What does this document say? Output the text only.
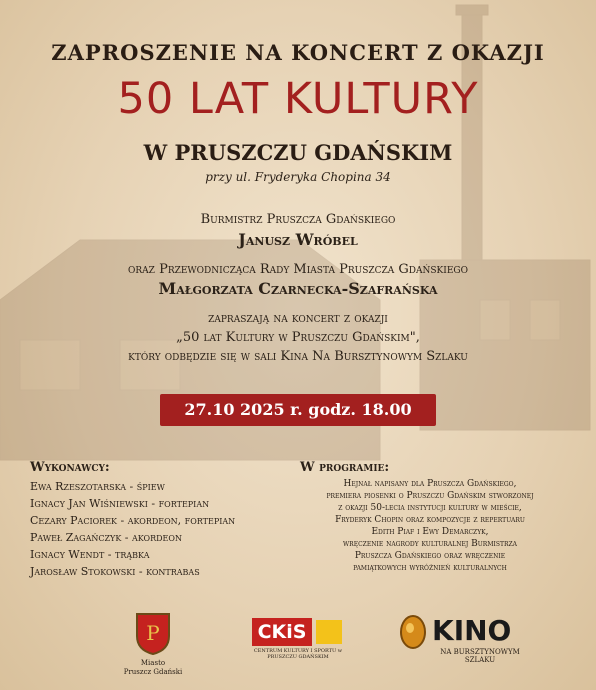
ZAPROSZENIE NA KONCERT Z OKAZJI
50 LAT KULTURY
W PRUSZCZU GDAŃSKIM
przy ul. Fryderyka Chopina 34
Burmistrz Pruszcza Gdańskiego
Janusz Wróbel
oraz Przewodnicząca Rady Miasta Pruszcza Gdańskiego
Małgorzata Czarnecka-Szafrańska
zapraszają na koncert z okazji
„50 lat Kultury w Pruszczu Gdańskim",
który odbędzie się w sali Kina Na Bursztynowym Szlaku
27.10 2025 r. godz. 18.00
Wykonawcy:
Ewa Rzeszotarska - śpiew
Ignacy Jan Wiśniewski - fortepian
Cezary Paciorek - akordeon, fortepian
Paweł Zagańczyk - akordeon
Ignacy Wendt - trąbka
Jarosław Stokowski - kontrabas
W programie:
Hejnał napisany dla Pruszcza Gdańskiego,
premiera piosenki o Pruszczu Gdańskim stworzonej
z okazji 50-lecia instytucji kultury w mieście,
Fryderyk Chopin oraz kompozycje z repertuaru
Edith Piaf i Ewy Demarczyk,
wręczenie nagrody kulturalnej Burmistrza
Pruszcza Gdańskiego oraz wręczenie
pamiątkowych wyróżnień kulturalnych
P
Miasto
Pruszcz Gdański
CKiS
CENTRUM KULTURY I SPORTU w PRUSZCZU GDAŃSKIM
KINO
NA BURSZTYNOWYM SZLAKU
